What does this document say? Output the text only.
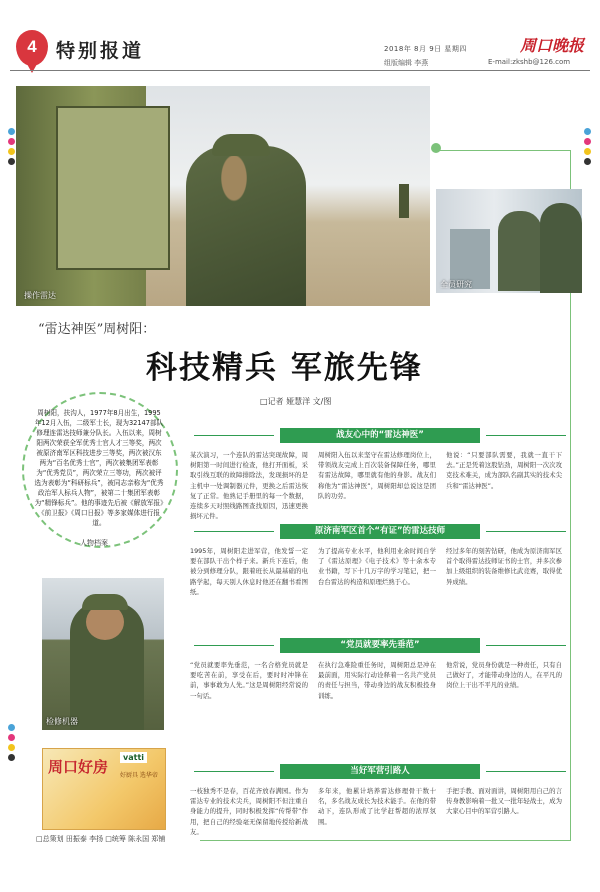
4	特别报道	2018年 8月 9日 星期四	周口晚报
组版编辑 李燕	E-mail:zkshb@126.com
操作雷达
全员研究
“雷达神医”周树阳：
科技精兵 军旅先锋
□记者 娅慧洋 文/图
周树阳，扶沟人，1977年8月出生，1995年12月入伍，二级军士长，现为32147部队修理连雷达技师兼分队长。入伍以来，周树阳两次荣获全军优秀士官人才三等奖，两次被原济南军区科技进步三等奖，两次被汉东两为“百名优秀士官”，两次被集团军表彰为“优秀党员”，两次荣立三等功，两次被评选为表彰为“科研标兵”，被同志亲称为“优秀政治军人标兵人物”，被第二十集团军表彰为“精锋标兵”。他的事迹先后被《解放军报》《前卫报》《周口日报》等多家媒体进行报道。
人物档案
检修机器
周口好房
vatti
好厨具 选华帝
□总策划 田振泰 李扬 □统筹 陈永国 郑铺
战友心中的“雷达神医”
某次演习，一个连队的雷达突现故障，周树阳第一时间进行检查，他打开面板，采取引线互联的故障排除法，发现损坏的是主机中一处调制器元件，更换之后雷达恢复了正常。他熟记手册里的每一个数据，连续多天对照线路图查找原因，迅速更换损坏元件。
周树阳入伍以来坚守在雷达修理岗位上，带领战友完成上百次装备保障任务，哪里有雷达故障，哪里就有他的身影。战友们称他为“雷达神医”，周树阳却总说这是团队的功劳。
他说：“只要部队需要，我就一直干下去。”正是凭着这股钻劲，周树阳一次次攻克技术难关，成为部队名副其实的技术尖兵和“雷达神医”。
原济南军区首个“有证”的雷达技师
1995年，周树阳走进军营，他发誓一定要在部队干出个样子来。新兵下连后，他被分到修理分队，跟着班长从最基础的电路学起，每天别人休息时他还在翻书看图纸。
为了提高专业水平，他利用业余时间自学了《雷达原理》《电子技术》等十余本专业书籍，写下十几万字的学习笔记，把一台台雷达的构造和原理烂熟于心。
经过多年的刻苦钻研，他成为原济南军区首个取得雷达技师证书的士官，并多次参加上级组织的装备维修比武竞赛，取得优异成绩。
“党员就要率先垂范”
“党员就要率先垂范，一名合格党员就是要吃苦在前，享受在后，要时时冲锋在前，事事敢为人先。”这是周树阳经常说的一句话。
在执行急难险重任务时，周树阳总是冲在最前面，用实际行动诠释着一名共产党员的责任与担当，带动身边的战友积极投身训练。
他常说，党员身份就是一种责任，只有自己做好了，才能带动身边的人，在平凡的岗位上干出不平凡的业绩。
当好军营引路人
一枝独秀不是春，百花齐放春满园。作为雷达专业的技术尖兵，周树阳不但注重自身能力的提升，同时积极发挥“传帮带”作用，把自己的经验毫无保留地传授给新战友。
多年来，他累计培养雷达修理骨干数十名，多名战友成长为技术能手。在他的带动下，连队形成了比学赶帮超的浓厚氛围。
手把手教、面对面讲，周树阳用自己的言传身教影响着一批又一批年轻战士，成为大家心目中的军营引路人。
